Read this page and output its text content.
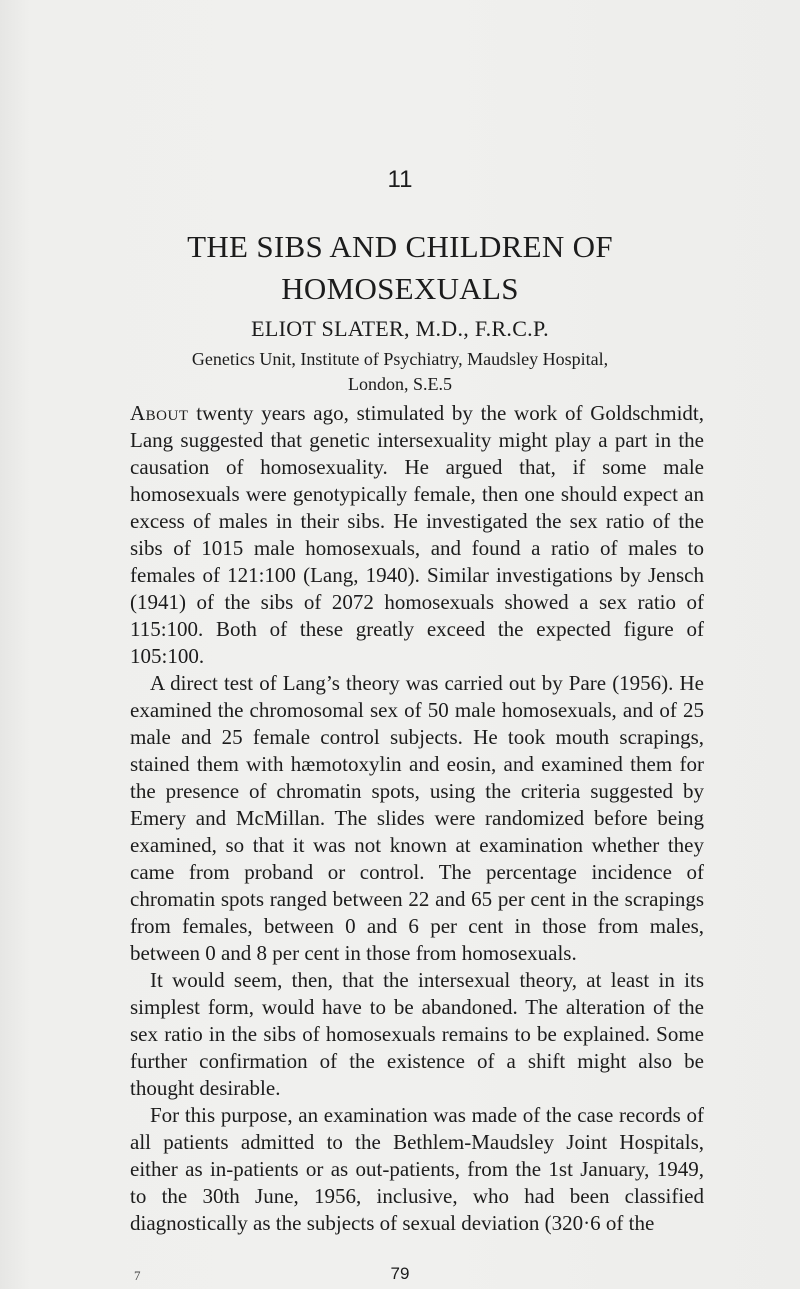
11
THE SIBS AND CHILDREN OF
HOMOSEXUALS
ELIOT SLATER, M.D., F.R.C.P.
Genetics Unit, Institute of Psychiatry, Maudsley Hospital,
London, S.E.5

About twenty years ago, stimulated by the work of Goldschmidt, Lang suggested that genetic intersexuality might play a part in the causation of homosexuality. He argued that, if some male homosexuals were genotypically female, then one should expect an excess of males in their sibs. He investigated the sex ratio of the sibs of 1015 male homosexuals, and found a ratio of males to females of 121:100 (Lang, 1940). Similar investigations by Jensch (1941) of the sibs of 2072 homosexuals showed a sex ratio of 115:100. Both of these greatly exceed the expected figure of 105:100.

A direct test of Lang’s theory was carried out by Pare (1956). He examined the chromosomal sex of 50 male homosexuals, and of 25 male and 25 female control subjects. He took mouth scrapings, stained them with hæmotoxylin and eosin, and examined them for the presence of chromatin spots, using the criteria suggested by Emery and McMillan. The slides were randomized before being examined, so that it was not known at examination whether they came from proband or control. The percentage incidence of chromatin spots ranged between 22 and 65 per cent in the scrapings from females, between 0 and 6 per cent in those from males, between 0 and 8 per cent in those from homosexuals.

It would seem, then, that the intersexual theory, at least in its simplest form, would have to be abandoned. The alteration of the sex ratio in the sibs of homosexuals remains to be explained. Some further confirmation of the existence of a shift might also be thought desirable.

For this purpose, an examination was made of the case records of all patients admitted to the Bethlem-Maudsley Joint Hospitals, either as in-patients or as out-patients, from the 1st January, 1949, to the 30th June, 1956, inclusive, who had been classified diagnostically as the subjects of sexual deviation (320·6 of the

7	79
